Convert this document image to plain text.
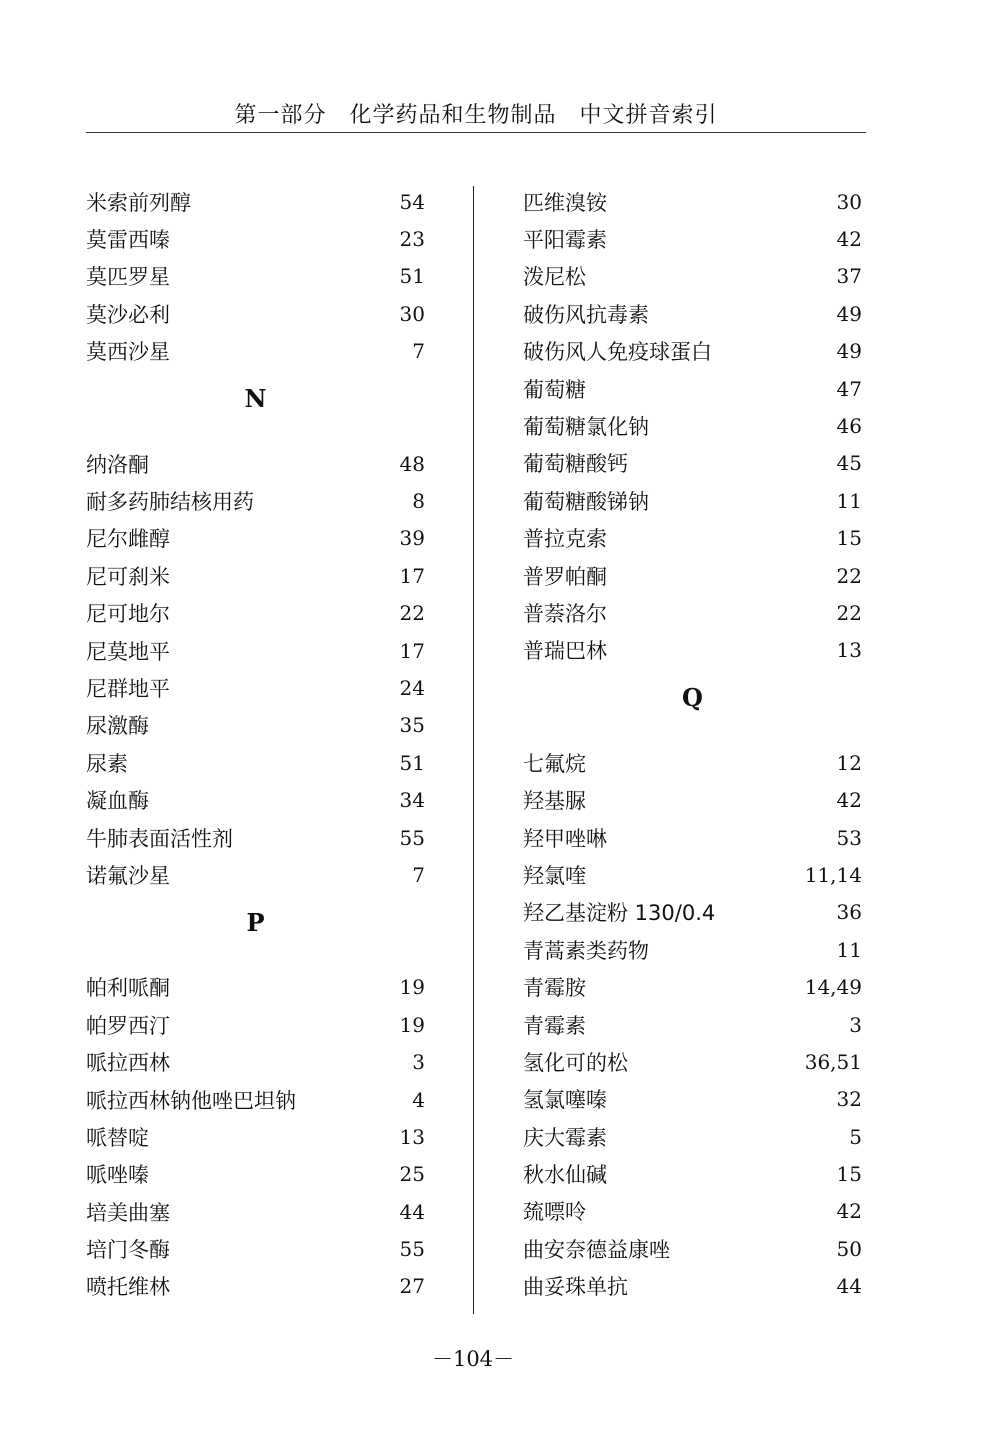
第一部分　化学药品和生物制品　中文拼音索引
米索前列醇	54
莫雷西嗪	23
莫匹罗星	51
莫沙必利	30
莫西沙星	7
N
纳洛酮	48
耐多药肺结核用药	8
尼尔雌醇	39
尼可刹米	17
尼可地尔	22
尼莫地平	17
尼群地平	24
尿激酶	35
尿素	51
凝血酶	34
牛肺表面活性剂	55
诺氟沙星	7
P
帕利哌酮	19
帕罗西汀	19
哌拉西林	3
哌拉西林钠他唑巴坦钠	4
哌替啶	13
哌唑嗪	25
培美曲塞	44
培门冬酶	55
喷托维林	27
匹维溴铵	30
平阳霉素	42
泼尼松	37
破伤风抗毒素	49
破伤风人免疫球蛋白	49
葡萄糖	47
葡萄糖氯化钠	46
葡萄糖酸钙	45
葡萄糖酸锑钠	11
普拉克索	15
普罗帕酮	22
普萘洛尔	22
普瑞巴林	13
Q
七氟烷	12
羟基脲	42
羟甲唑啉	53
羟氯喹	11,14
羟乙基淀粉 130/0.4	36
青蒿素类药物	11
青霉胺	14,49
青霉素	3
氢化可的松	36,51
氢氯噻嗪	32
庆大霉素	5
秋水仙碱	15
巯嘌呤	42
曲安奈德益康唑	50
曲妥珠单抗	44
－104－
